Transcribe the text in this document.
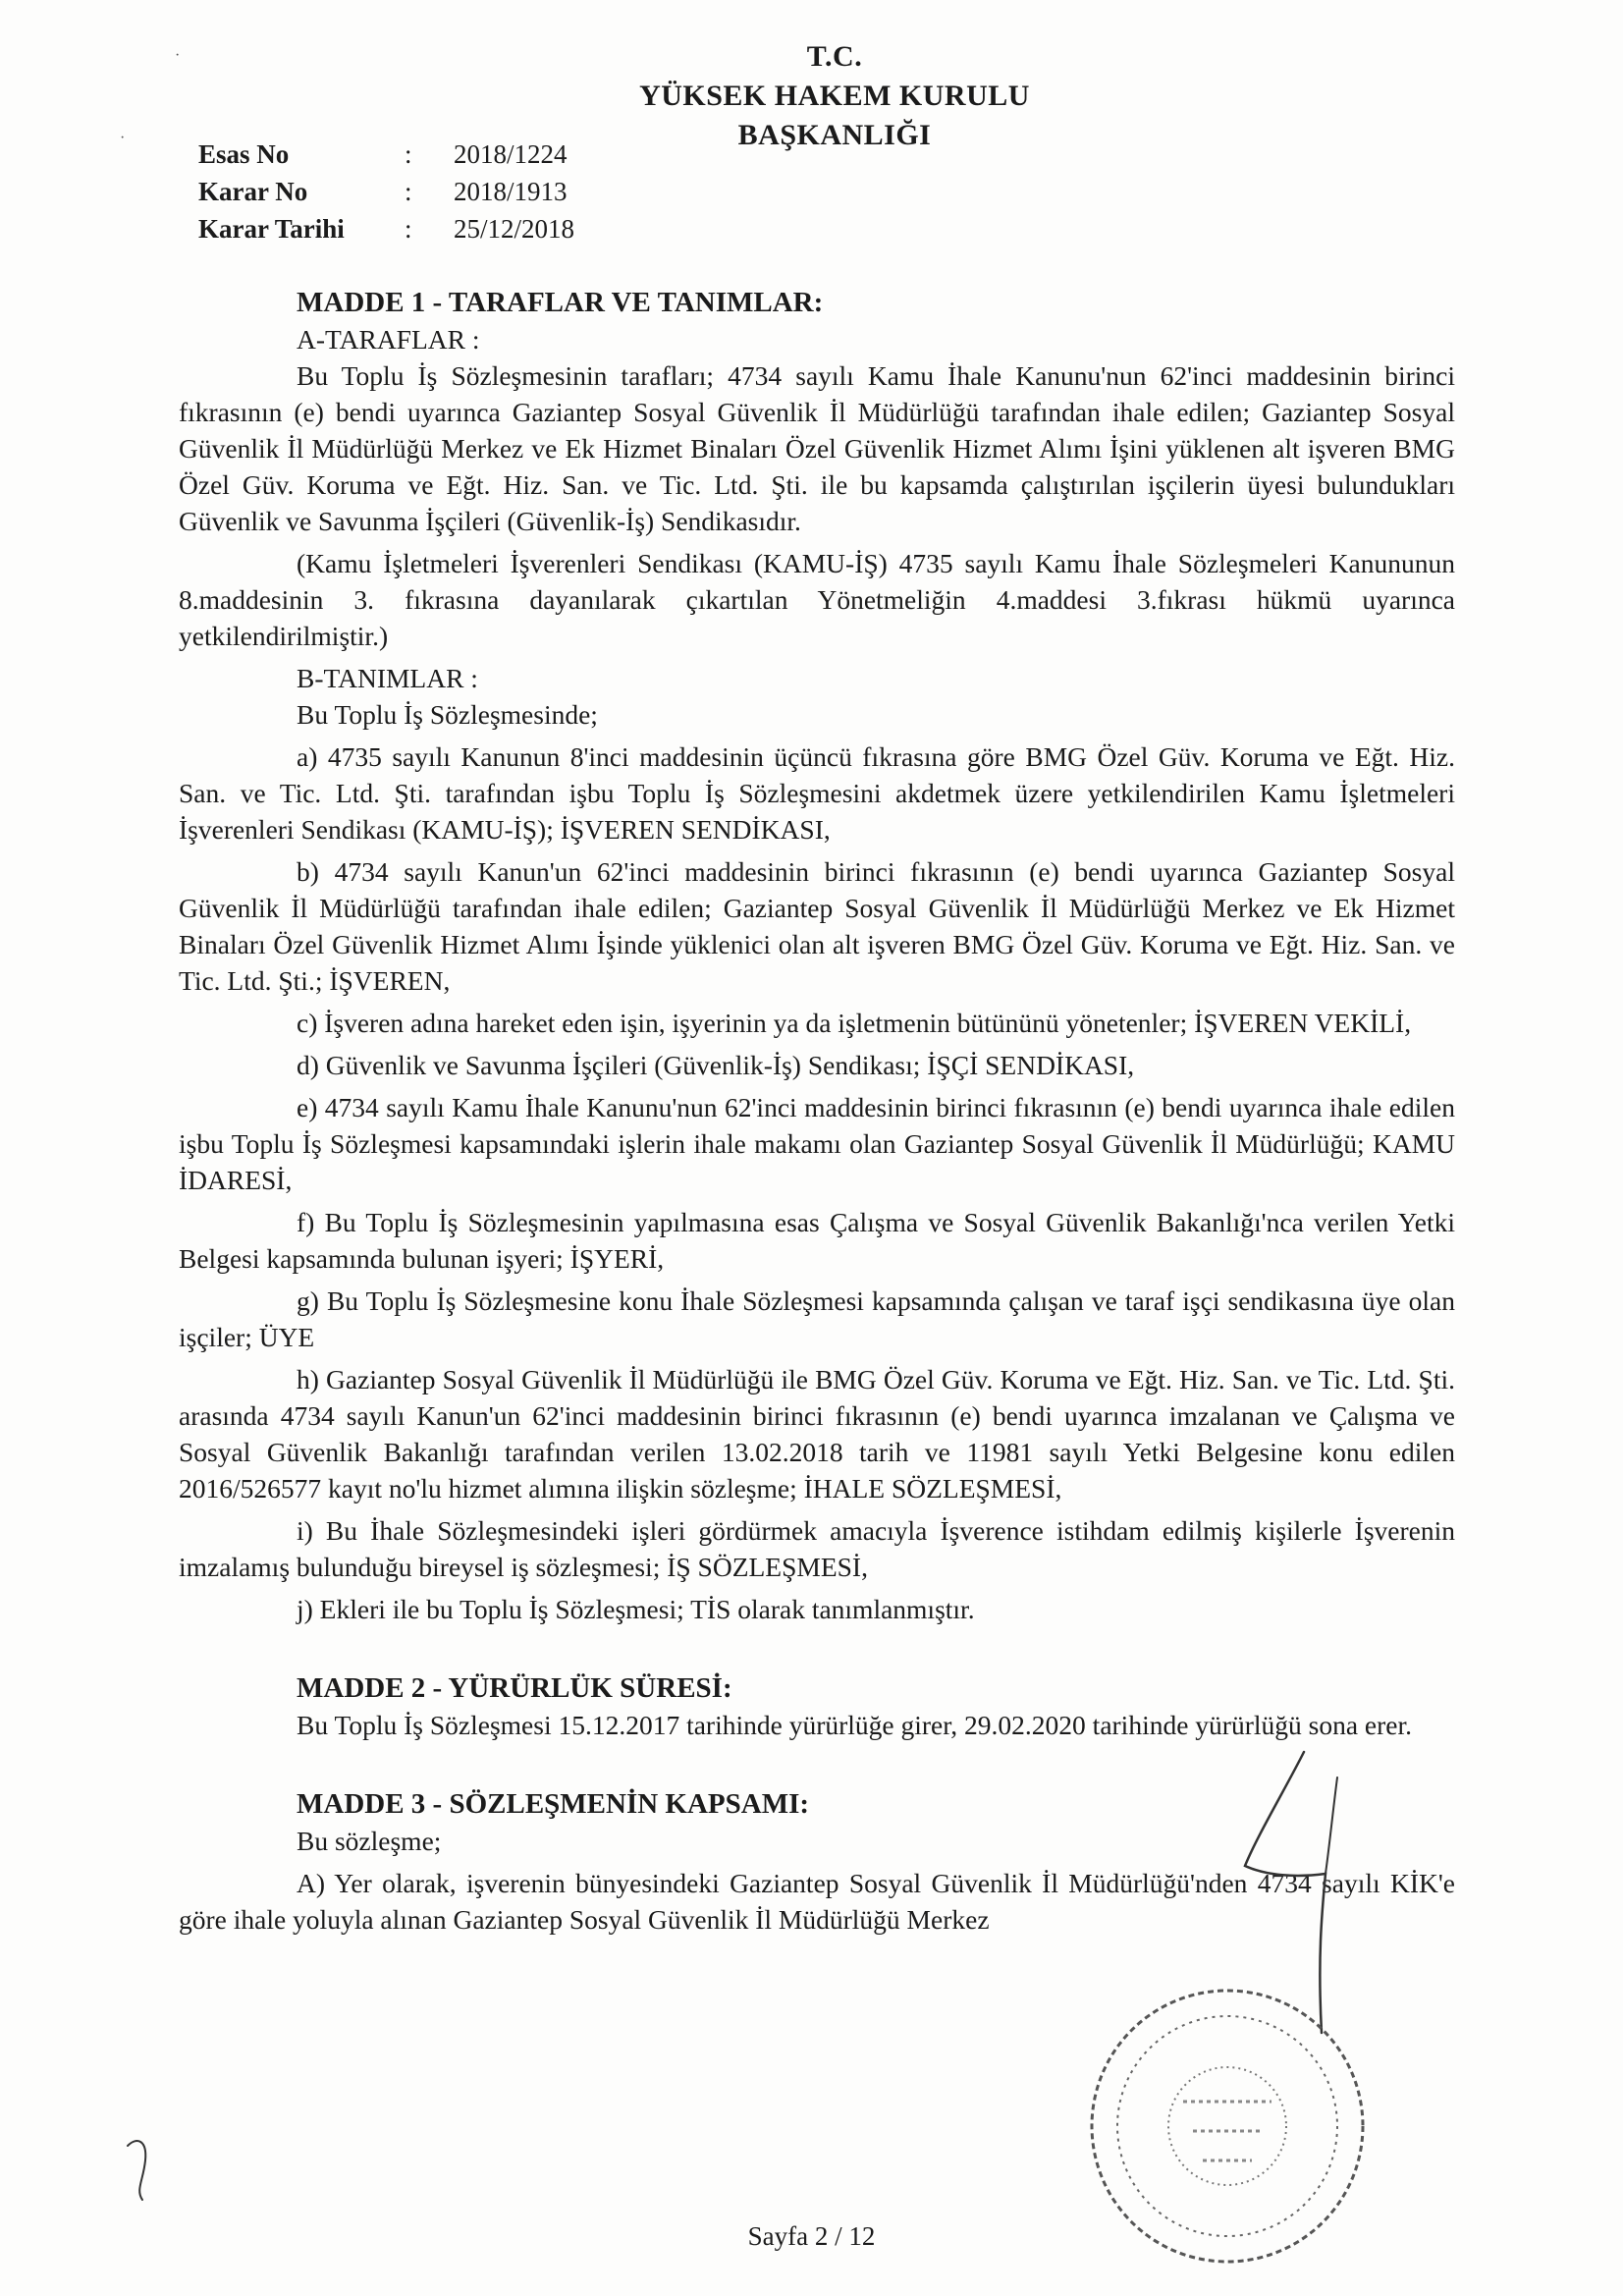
·
·
T.C.
YÜKSEK HAKEM KURULU
BAŞKANLIĞI
Esas No	:	2018/1224
Karar No	:	2018/1913
Karar Tarihi	:	25/12/2018
MADDE 1 - TARAFLAR VE TANIMLAR:
A-TARAFLAR :

Bu Toplu İş Sözleşmesinin tarafları; 4734 sayılı Kamu İhale Kanunu'nun 62'inci maddesinin birinci fıkrasının (e) bendi uyarınca Gaziantep Sosyal Güvenlik İl Müdürlüğü tarafından ihale edilen; Gaziantep Sosyal Güvenlik İl Müdürlüğü Merkez ve Ek Hizmet Binaları Özel Güvenlik Hizmet Alımı İşini yüklenen alt işveren BMG Özel Güv. Koruma ve Eğt. Hiz. San. ve Tic. Ltd. Şti. ile bu kapsamda çalıştırılan işçilerin üyesi bulundukları Güvenlik ve Savunma İşçileri (Güvenlik-İş) Sendikasıdır.

(Kamu İşletmeleri İşverenleri Sendikası (KAMU-İŞ) 4735 sayılı Kamu İhale Sözleşmeleri Kanununun 8.maddesinin 3. fıkrasına dayanılarak çıkartılan Yönetmeliğin 4.maddesi 3.fıkrası hükmü uyarınca yetkilendirilmiştir.)

B-TANIMLAR :

Bu Toplu İş Sözleşmesinde;

a) 4735 sayılı Kanunun 8'inci maddesinin üçüncü fıkrasına göre BMG Özel Güv. Koruma ve Eğt. Hiz. San. ve Tic. Ltd. Şti. tarafından işbu Toplu İş Sözleşmesini akdetmek üzere yetkilendirilen Kamu İşletmeleri İşverenleri Sendikası (KAMU-İŞ); İŞVEREN SENDİKASI,

b) 4734 sayılı Kanun'un 62'inci maddesinin birinci fıkrasının (e) bendi uyarınca Gaziantep Sosyal Güvenlik İl Müdürlüğü tarafından ihale edilen; Gaziantep Sosyal Güvenlik İl Müdürlüğü Merkez ve Ek Hizmet Binaları Özel Güvenlik Hizmet Alımı İşinde yüklenici olan alt işveren BMG Özel Güv. Koruma ve Eğt. Hiz. San. ve Tic. Ltd. Şti.; İŞVEREN,

c) İşveren adına hareket eden işin, işyerinin ya da işletmenin bütününü yönetenler; İŞVEREN VEKİLİ,

d) Güvenlik ve Savunma İşçileri (Güvenlik-İş) Sendikası; İŞÇİ SENDİKASI,

e) 4734 sayılı Kamu İhale Kanunu'nun 62'inci maddesinin birinci fıkrasının (e) bendi uyarınca ihale edilen işbu Toplu İş Sözleşmesi kapsamındaki işlerin ihale makamı olan Gaziantep Sosyal Güvenlik İl Müdürlüğü; KAMU İDARESİ,

f) Bu Toplu İş Sözleşmesinin yapılmasına esas Çalışma ve Sosyal Güvenlik Bakanlığı'nca verilen Yetki Belgesi kapsamında bulunan işyeri; İŞYERİ,

g) Bu Toplu İş Sözleşmesine konu İhale Sözleşmesi kapsamında çalışan ve taraf işçi sendikasına üye olan işçiler; ÜYE

h) Gaziantep Sosyal Güvenlik İl Müdürlüğü ile BMG Özel Güv. Koruma ve Eğt. Hiz. San. ve Tic. Ltd. Şti. arasında 4734 sayılı Kanun'un 62'inci maddesinin birinci fıkrasının (e) bendi uyarınca imzalanan ve Çalışma ve Sosyal Güvenlik Bakanlığı tarafından verilen 13.02.2018 tarih ve 11981 sayılı Yetki Belgesine konu edilen 2016/526577 kayıt no'lu hizmet alımına ilişkin sözleşme; İHALE SÖZLEŞMESİ,

i) Bu İhale Sözleşmesindeki işleri gördürmek amacıyla İşverence istihdam edilmiş kişilerle İşverenin imzalamış bulunduğu bireysel iş sözleşmesi; İŞ SÖZLEŞMESİ,

j) Ekleri ile bu Toplu İş Sözleşmesi; TİS olarak tanımlanmıştır.

MADDE 2 - YÜRÜRLÜK SÜRESİ:

Bu Toplu İş Sözleşmesi 15.12.2017 tarihinde yürürlüğe girer, 29.02.2020 tarihinde yürürlüğü sona erer.

MADDE 3 - SÖZLEŞMENİN KAPSAMI:

Bu sözleşme;

A) Yer olarak, işverenin bünyesindeki Gaziantep Sosyal Güvenlik İl Müdürlüğü'nden 4734 sayılı KİK'e göre ihale yoluyla alınan Gaziantep Sosyal Güvenlik İl Müdürlüğü Merkez

Sayfa 2 / 12
